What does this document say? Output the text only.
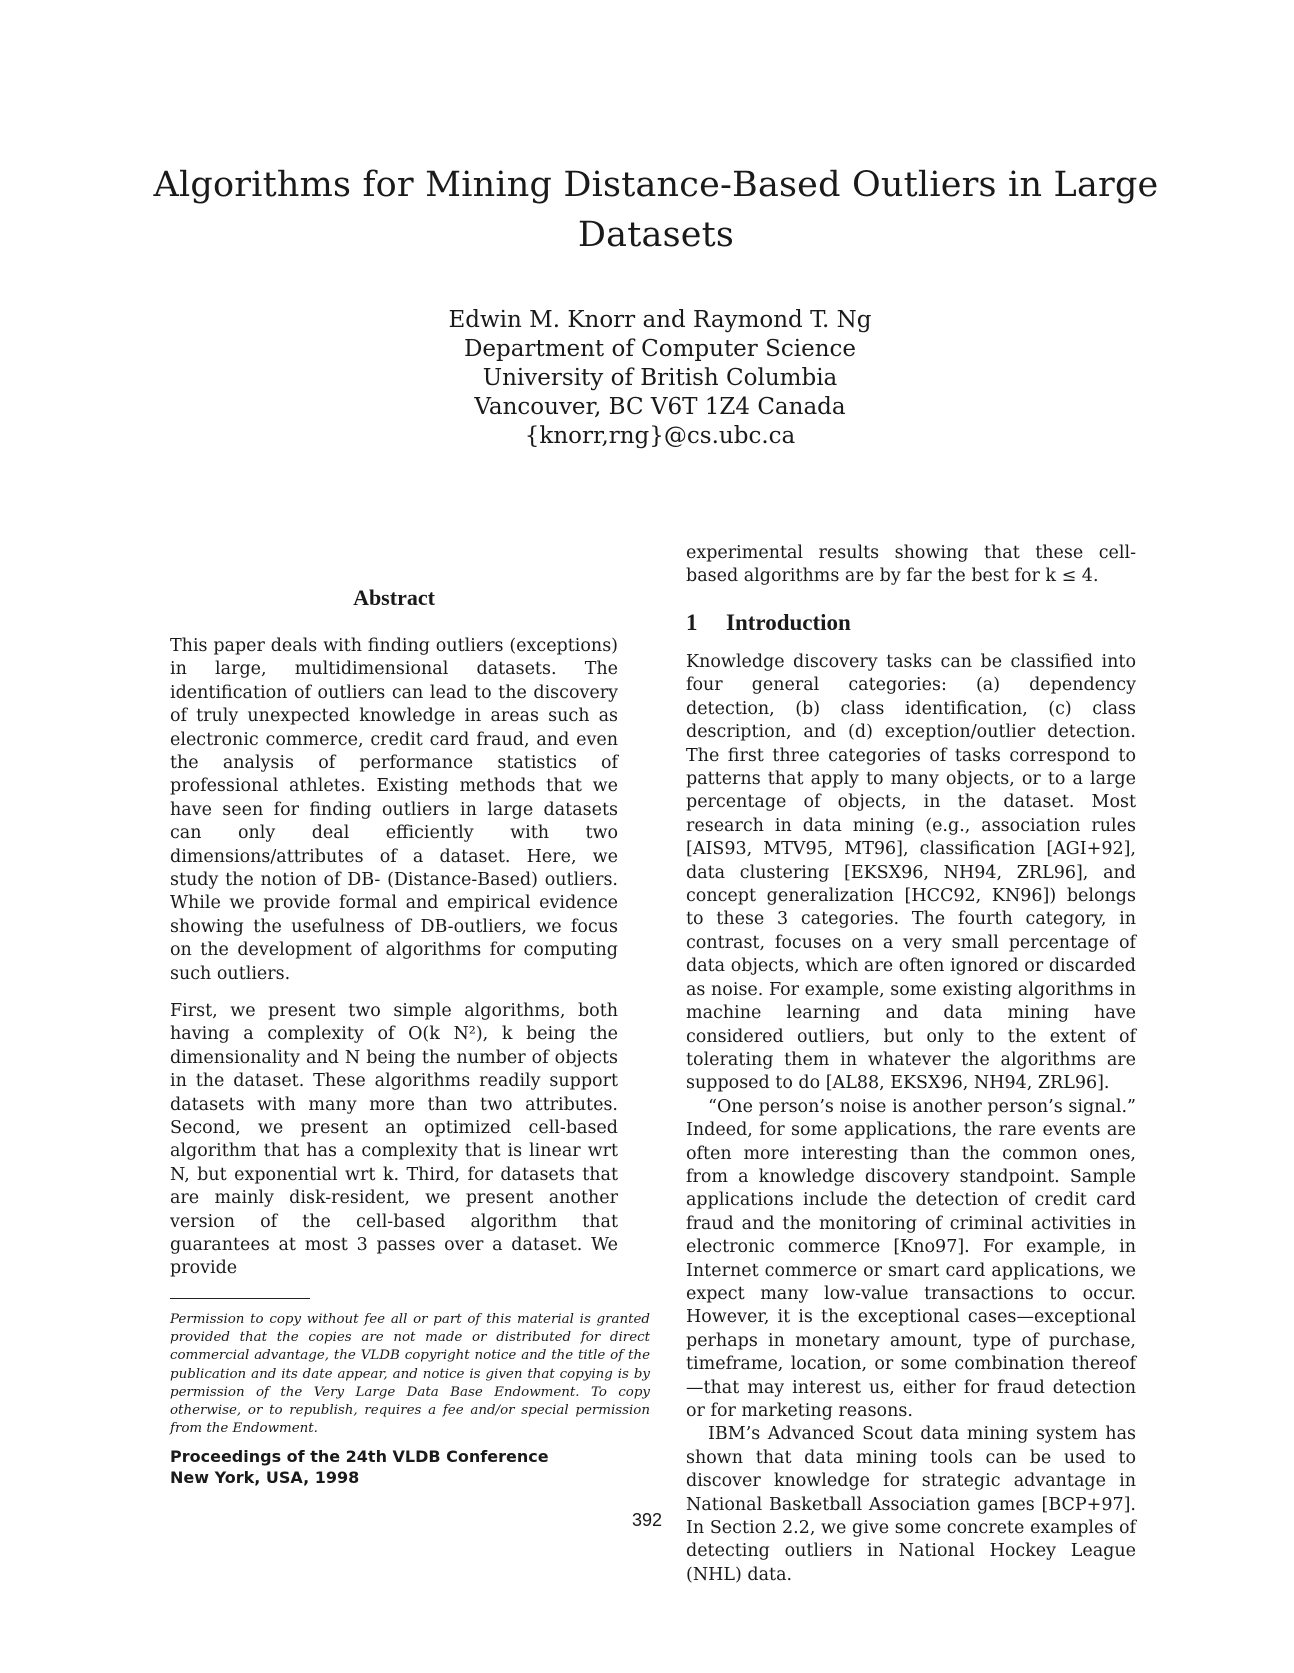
Algorithms for Mining Distance-Based Outliers in Large Datasets
Edwin M. Knorr and Raymond T. Ng
Department of Computer Science
University of British Columbia
Vancouver, BC V6T 1Z4 Canada
{knorr,rng}@cs.ubc.ca
Abstract

This paper deals with finding outliers (exceptions) in large, multidimensional datasets. The identification of outliers can lead to the discovery of truly unexpected knowledge in areas such as electronic commerce, credit card fraud, and even the analysis of performance statistics of professional athletes. Existing methods that we have seen for finding outliers in large datasets can only deal efficiently with two dimensions/attributes of a dataset. Here, we study the notion of DB- (Distance-Based) outliers. While we provide formal and empirical evidence showing the usefulness of DB-outliers, we focus on the development of algorithms for computing such outliers.

First, we present two simple algorithms, both having a complexity of O(k N²), k being the dimensionality and N being the number of objects in the dataset. These algorithms readily support datasets with many more than two attributes. Second, we present an optimized cell-based algorithm that has a complexity that is linear wrt N, but exponential wrt k. Third, for datasets that are mainly disk-resident, we present another version of the cell-based algorithm that guarantees at most 3 passes over a dataset. We provide

Permission to copy without fee all or part of this material is granted provided that the copies are not made or distributed for direct commercial advantage, the VLDB copyright notice and the title of the publication and its date appear, and notice is given that copying is by permission of the Very Large Data Base Endowment. To copy otherwise, or to republish, requires a fee and/or special permission from the Endowment.
Proceedings of the 24th VLDB Conference
New York, USA, 1998

experimental results showing that these cell-based algorithms are by far the best for k ≤ 4.

1 Introduction

Knowledge discovery tasks can be classified into four general categories: (a) dependency detection, (b) class identification, (c) class description, and (d) exception/outlier detection. The first three categories of tasks correspond to patterns that apply to many objects, or to a large percentage of objects, in the dataset. Most research in data mining (e.g., association rules [AIS93, MTV95, MT96], classification [AGI+92], data clustering [EKSX96, NH94, ZRL96], and concept generalization [HCC92, KN96]) belongs to these 3 categories. The fourth category, in contrast, focuses on a very small percentage of data objects, which are often ignored or discarded as noise. For example, some existing algorithms in machine learning and data mining have considered outliers, but only to the extent of tolerating them in whatever the algorithms are supposed to do [AL88, EKSX96, NH94, ZRL96].

“One person’s noise is another person’s signal.” Indeed, for some applications, the rare events are often more interesting than the common ones, from a knowledge discovery standpoint. Sample applications include the detection of credit card fraud and the monitoring of criminal activities in electronic commerce [Kno97]. For example, in Internet commerce or smart card applications, we expect many low-value transactions to occur. However, it is the exceptional cases—exceptional perhaps in monetary amount, type of purchase, timeframe, location, or some combination thereof—that may interest us, either for fraud detection or for marketing reasons.

IBM’s Advanced Scout data mining system has shown that data mining tools can be used to discover knowledge for strategic advantage in National Basketball Association games [BCP+97]. In Section 2.2, we give some concrete examples of detecting outliers in National Hockey League (NHL) data.

392
